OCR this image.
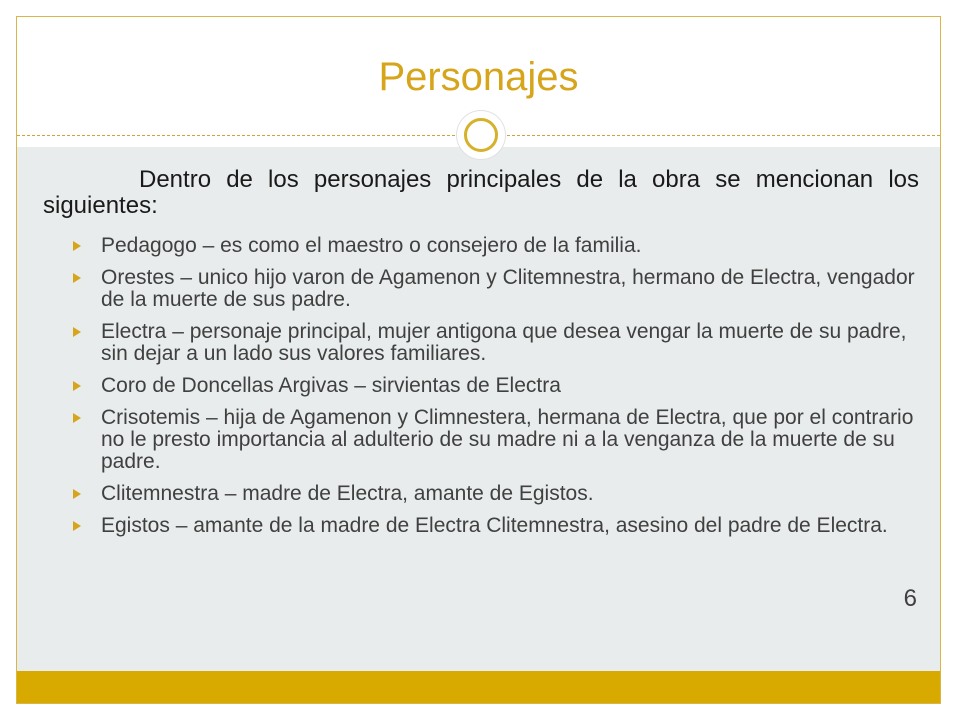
Personajes
Dentro de los personajes principales de la obra se mencionan los siguientes:
Pedagogo – es como el maestro o consejero de la familia.
Orestes – unico hijo varon de Agamenon y Clitemnestra, hermano de Electra, vengador de la muerte de sus padre.
Electra – personaje principal, mujer antigona que desea vengar la muerte de su padre, sin dejar a un lado sus valores familiares.
Coro de Doncellas Argivas – sirvientas de Electra
Crisotemis – hija de Agamenon y Climnestera, hermana de Electra, que por el contrario no le presto importancia al adulterio de su madre ni a la venganza de la muerte de su padre.
Clitemnestra – madre de Electra, amante de Egistos.
Egistos – amante de la madre de Electra Clitemnestra, asesino del padre de Electra.
6
